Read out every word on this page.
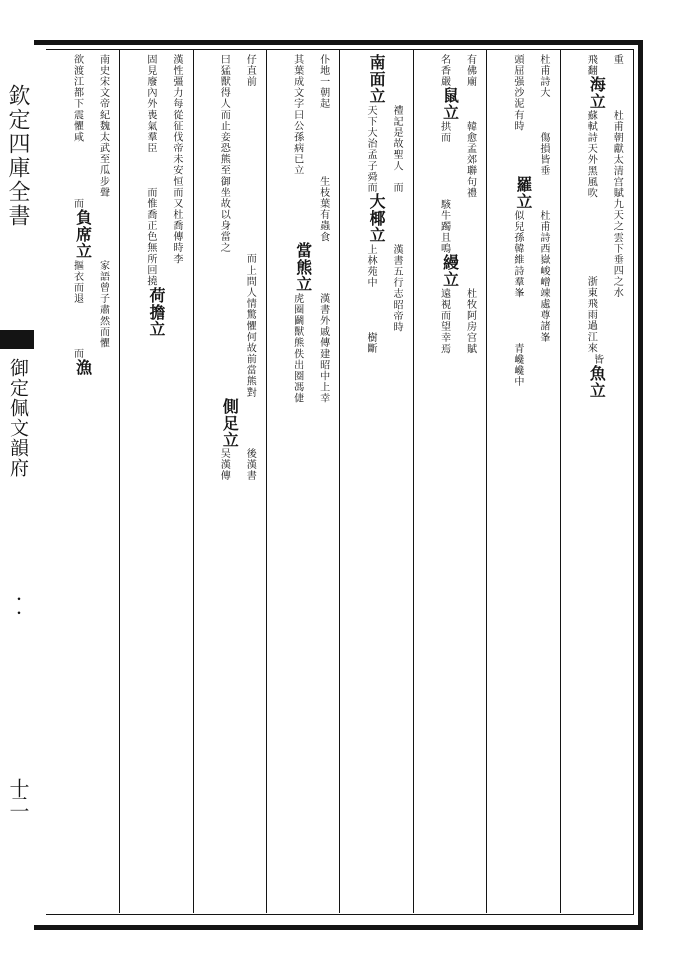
欽定四庫全書
御定佩文韻府
･･
十二
重
飛翻
海立
杜甫朝獻太清宫賦九天之雲下垂四
蘇軾詩天外黑風吹
之水
浙東飛雨過江來
皆
魚立
杜甫詩大
頭屈强沙泥有時
傷損皆垂
羅立
杜甫詩西嶽峻嶒竦處尊諸峯
似兒孫韓維詩羣峯
青巉巉中
有佛廟
名香嚴
鼠立
韓愈孟郊聯句禮
拱而
駭牛躅且鳴
縵立
杜牧阿房宫賦
遠視而望幸焉
南面立
禮記是故聖人
天下大治孟子舜
而
而
大椰立
漢書五行志昭帝時
上林苑中
樹斷
仆地一朝起
其葉成文字曰公孫病已立
生枝葉有蟲食
當熊立
漢書外戚傳建昭中上幸
虎圈鬬獸熊佚出圈馮倢
仔直前
曰猛獸得人而止妾恐熊至御坐故以身當之
而
上問人情驚懼何故前當熊對
側足立
後漢書
吴漢傳
漢性彊力每從征伐帝未安恒
固見廢內外喪氣羣臣
而
而
又杜喬傳時李
惟喬正色無所回撓
荷擔立
南史宋文帝紀魏太武至瓜步聲
欲渡江都下震懼咸
而
負席立
家語曾子肅然而懼
摳衣而退
而
漁
